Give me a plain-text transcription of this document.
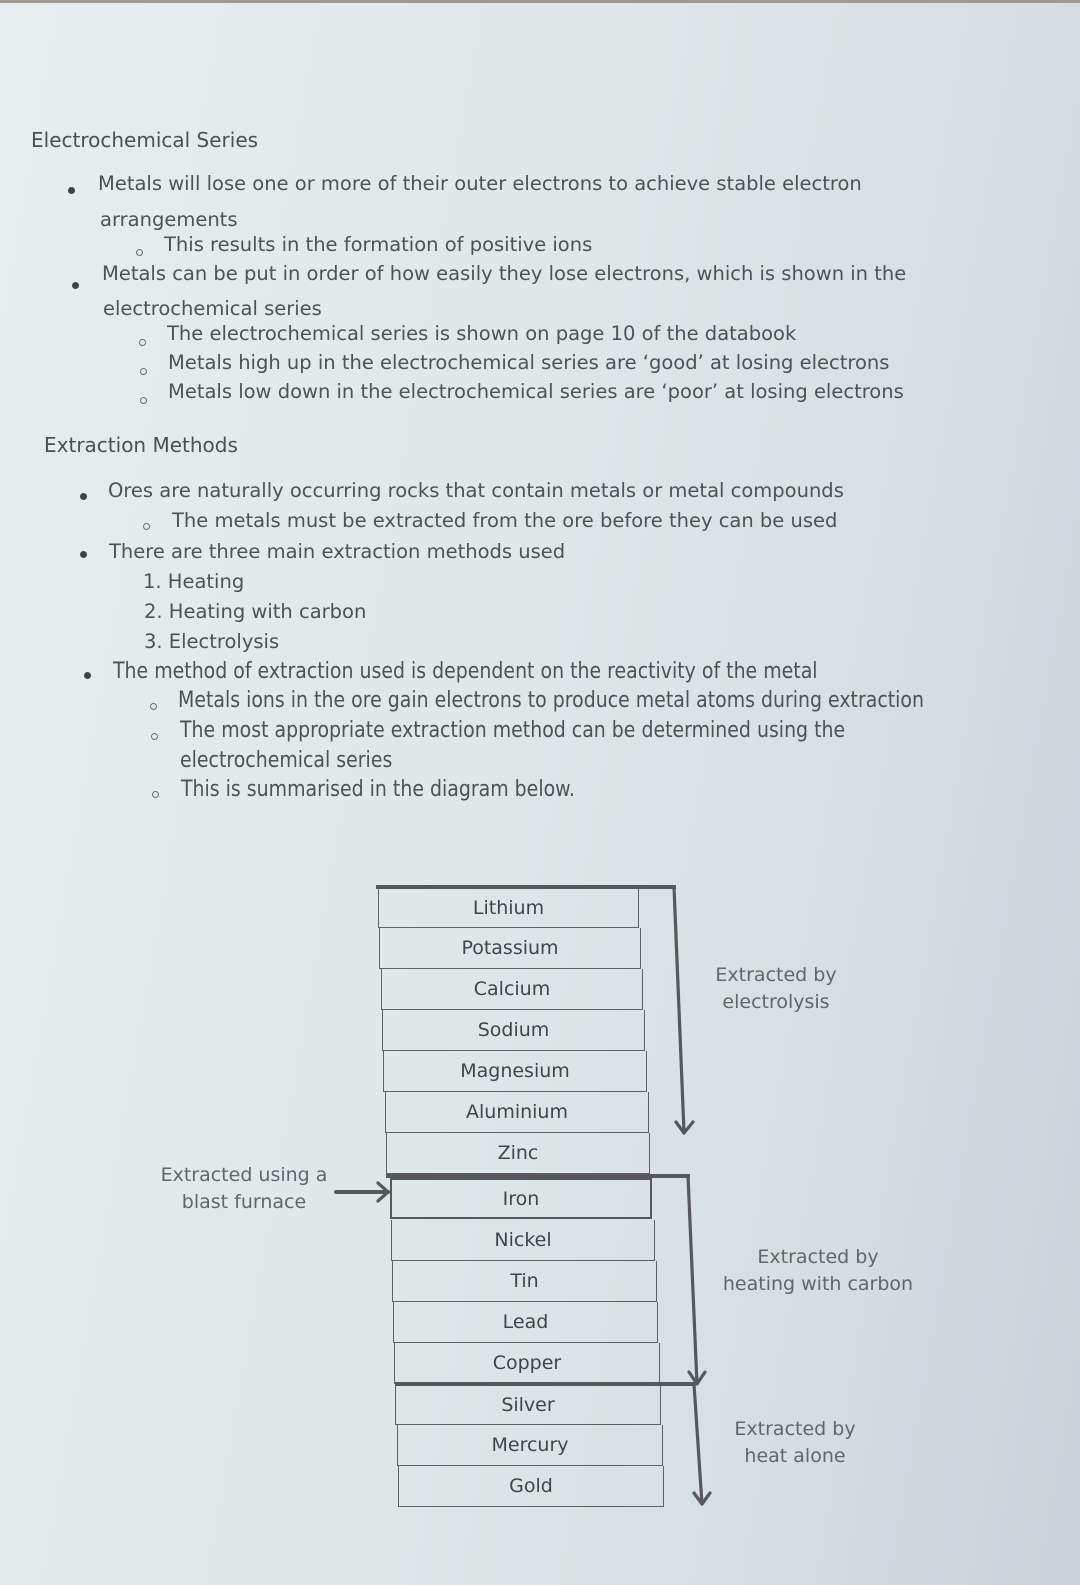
Electrochemical Series
Metals will lose one or more of their outer electrons to achieve stable electron
arrangements
This results in the formation of positive ions
Metals can be put in order of how easily they lose electrons, which is shown in the
electrochemical series
The electrochemical series is shown on page 10 of the databook
Metals high up in the electrochemical series are ‘good’ at losing electrons
Metals low down in the electrochemical series are ‘poor’ at losing electrons
Extraction Methods
Ores are naturally occurring rocks that contain metals or metal compounds
The metals must be extracted from the ore before they can be used
There are three main extraction methods used
1. Heating
2. Heating with carbon
3. Electrolysis
The method of extraction used is dependent on the reactivity of the metal
Metals ions in the ore gain electrons to produce metal atoms during extraction
The most appropriate extraction method can be determined using the
electrochemical series
This is summarised in the diagram below.
Lithium
Potassium
Calcium
Sodium
Magnesium
Aluminium
Zinc
Iron
Nickel
Tin
Lead
Copper
Silver
Mercury
Gold
Extracted by
electrolysis
Extracted by
heating with carbon
Extracted by
heat alone
Extracted using a
blast furnace
